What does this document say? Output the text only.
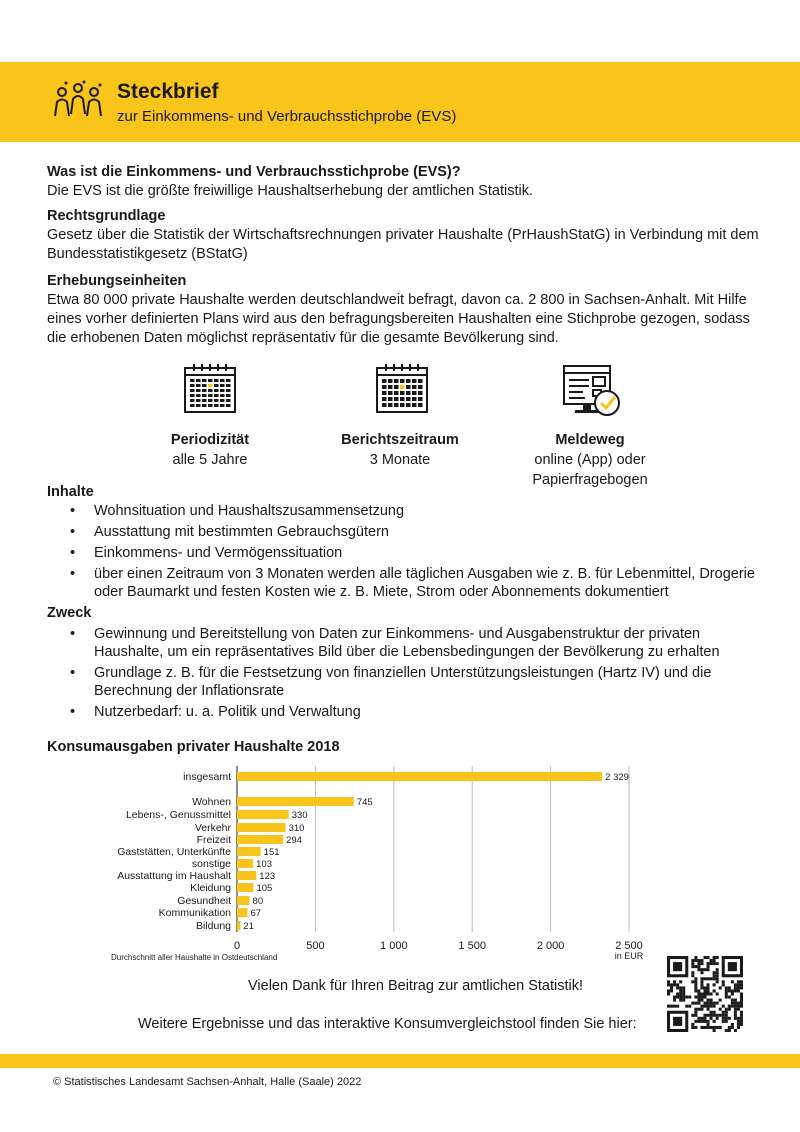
Steckbrief
zur Einkommens- und Verbrauchsstichprobe (EVS)
Was ist die Einkommens- und Verbrauchsstichprobe (EVS)?

Die EVS ist die größte freiwillige Haushaltserhebung der amtlichen Statistik.

Rechtsgrundlage

Gesetz über die Statistik der Wirtschaftsrechnungen privater Haushalte (PrHaushStatG) in Verbindung mit dem Bundesstatistikgesetz (BStatG)

Erhebungseinheiten

Etwa 80 000 private Haushalte werden deutschlandweit befragt, davon ca. 2 800 in Sachsen-Anhalt. Mit Hilfe eines vorher definierten Plans wird aus den befragungsbereiten Haushalten eine Stichprobe gezogen, sodass die erhobenen Daten möglichst repräsentativ für die gesamte Bevölkerung sind.

Periodizität
alle 5 Jahre
Berichtszeitraum
3 Monate
Meldeweg
online (App) oder Papierfragebogen
Inhalte
• Wohnsituation und Haushaltszusammensetzung
• Ausstattung mit bestimmten Gebrauchsgütern
• Einkommens- und Vermögenssituation
• über einen Zeitraum von 3 Monaten werden alle täglichen Ausgaben wie z. B. für Lebenmittel, Drogerie oder Baumarkt und festen Kosten wie z. B. Miete, Strom oder Abonnements dokumentiert
Zweck
• Gewinnung und Bereitstellung von Daten zur Einkommens- und Ausgabenstruktur der privaten Haushalte, um ein repräsentatives Bild über die Lebensbedingungen der Bevölkerung zu erhalten
• Grundlage z. B. für die Festsetzung von finanziellen Unterstützungsleistungen (Hartz IV) und die Berechnung der Inflationsrate
• Nutzerbedarf: u. a. Politik und Verwaltung
Konsumausgaben privater Haushalte 2018
0	500	1 000	1 500	2 000	2 500
insgesamt	2 329
Wohnen	745
Lebens-, Genussmittel	330
Verkehr	310
Freizeit	294
Gaststätten, Unterkünfte	151
sonstige	103
Ausstattung im Haushalt	123
Kleidung	105
Gesundheit 80
Kommunikation 67
Bildung 21
in EUR
Durchschnitt aller Haushalte in Ostdeutschland
Vielen Dank für Ihren Beitrag zur amtlichen Statistik!
Weitere Ergebnisse und das interaktive Konsumvergleichstool finden Sie hier:
© Statistisches Landesamt Sachsen-Anhalt, Halle (Saale) 2022
